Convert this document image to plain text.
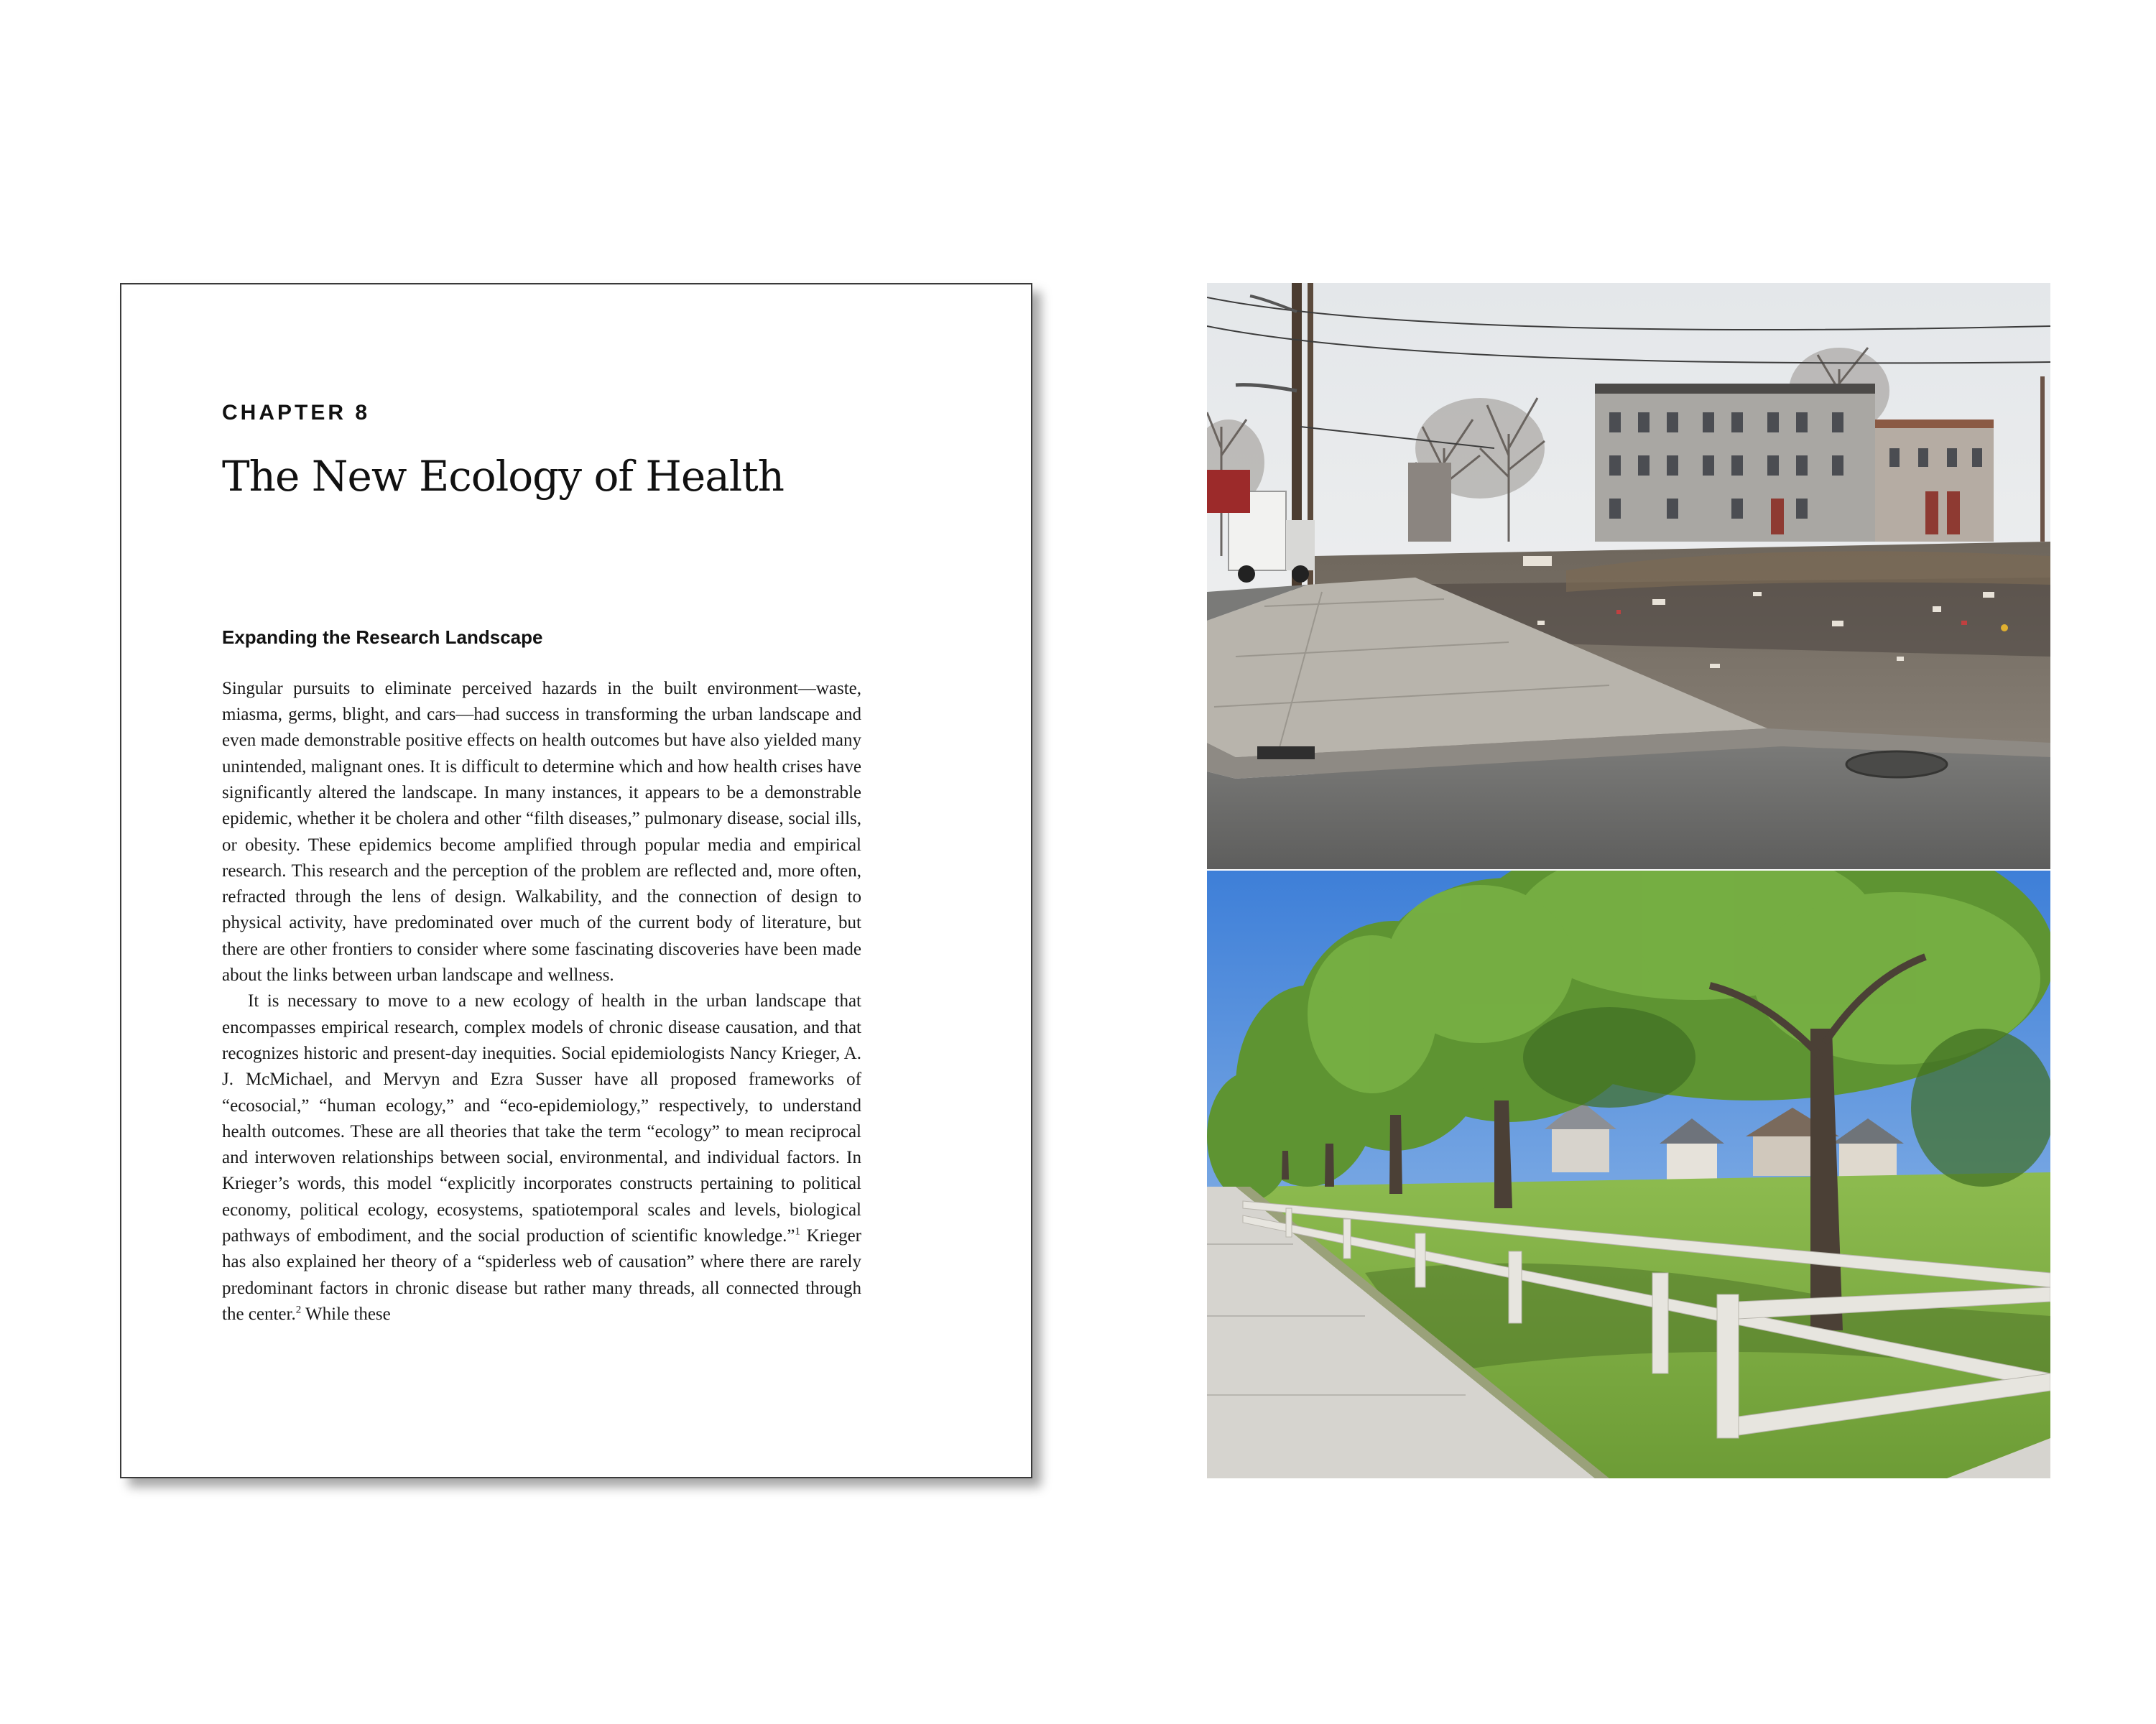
CHAPTER 8
The New Ecology of Health
Expanding the Research Landscape

Singular pursuits to eliminate perceived hazards in the built environment—waste, miasma, germs, blight, and cars—had success in transforming the urban landscape and even made demonstrable positive effects on health outcomes but have also yielded many unintended, malignant ones. It is difficult to determine which and how health crises have significantly altered the landscape. In many instances, it appears to be a demonstrable epidemic, whether it be cholera and other “filth diseases,” pulmonary disease, social ills, or obesity. These epidemics become amplified through popular media and empirical research. This research and the perception of the problem are reflected and, more often, refracted through the lens of design. Walkability, and the connection of design to physical activity, have predominated over much of the current body of literature, but there are other frontiers to consider where some fascinating discoveries have been made about the links between urban landscape and wellness.

It is necessary to move to a new ecology of health in the urban landscape that encompasses empirical research, complex models of chronic disease causation, and that recognizes historic and present-day inequities. Social epidemiologists Nancy Krieger, A. J. McMichael, and Mervyn and Ezra Susser have all proposed frameworks of “ecosocial,” “human ecology,” and “eco-epidemiology,” respectively, to understand health outcomes. These are all theories that take the term “ecology” to mean reciprocal and interwoven relationships between social, environmental, and individual factors. In Krieger’s words, this model “explicitly incorporates constructs pertaining to political economy, political ecology, ecosystems, spatiotemporal scales and levels, biological pathways of embodiment, and the social production of scientific knowledge.”$^1$ Krieger has also explained her theory of a “spiderless web of causation” where there are rarely predominant factors in chronic disease but rather many threads, all connected through the center.$^2$ While these
